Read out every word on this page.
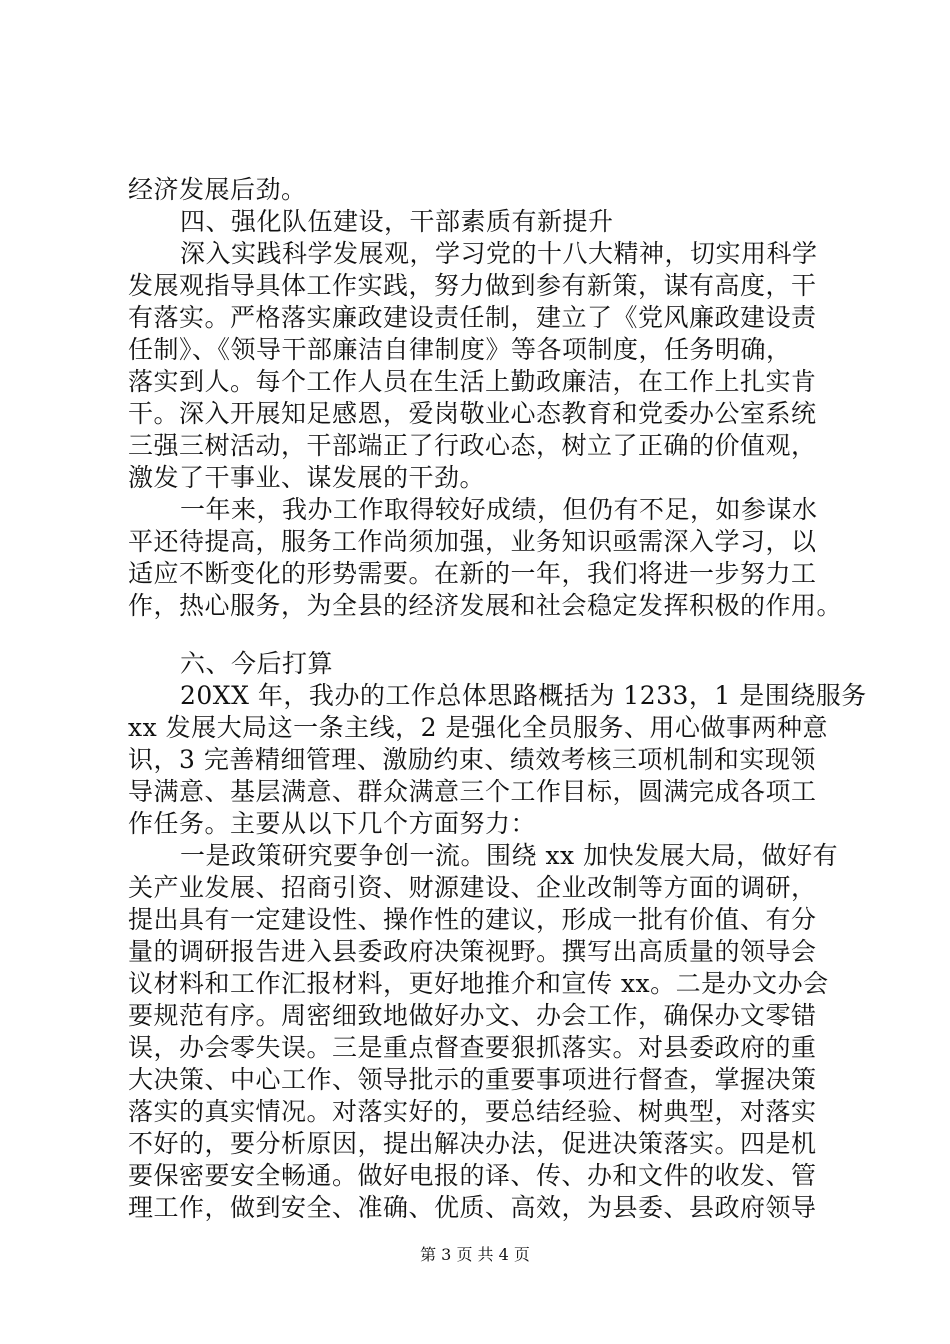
经济发展后劲。
四、强化队伍建设，干部素质有新提升
深入实践科学发展观，学习党的十八大精神，切实用科学
发展观指导具体工作实践，努力做到参有新策，谋有高度，干
有落实。严格落实廉政建设责任制，建立了《党风廉政建设责
任制》、《领导干部廉洁自律制度》等各项制度，任务明确，
落实到人。每个工作人员在生活上勤政廉洁，在工作上扎实肯
干。深入开展知足感恩，爱岗敬业心态教育和党委办公室系统
三强三树活动，干部端正了行政心态，树立了正确的价值观，
激发了干事业、谋发展的干劲。
一年来，我办工作取得较好成绩，但仍有不足，如参谋水
平还待提高，服务工作尚须加强，业务知识亟需深入学习，以
适应不断变化的形势需要。在新的一年，我们将进一步努力工
作，热心服务，为全县的经济发展和社会稳定发挥积极的作用。
六、今后打算
20XX 年，我办的工作总体思路概括为 1233，1 是围绕服务
xx 发展大局这一条主线，2 是强化全员服务、用心做事两种意
识，3 完善精细管理、激励约束、绩效考核三项机制和实现领
导满意、基层满意、群众满意三个工作目标，圆满完成各项工
作任务。主要从以下几个方面努力：
一是政策研究要争创一流。围绕 xx 加快发展大局，做好有
关产业发展、招商引资、财源建设、企业改制等方面的调研，
提出具有一定建设性、操作性的建议，形成一批有价值、有分
量的调研报告进入县委政府决策视野。撰写出高质量的领导会
议材料和工作汇报材料，更好地推介和宣传 xx。二是办文办会
要规范有序。周密细致地做好办文、办会工作，确保办文零错
误，办会零失误。三是重点督查要狠抓落实。对县委政府的重
大决策、中心工作、领导批示的重要事项进行督查，掌握决策
落实的真实情况。对落实好的，要总结经验、树典型，对落实
不好的，要分析原因，提出解决办法，促进决策落实。四是机
要保密要安全畅通。做好电报的译、传、办和文件的收发、管
理工作，做到安全、准确、优质、高效，为县委、县政府领导
第 3 页 共 4 页
